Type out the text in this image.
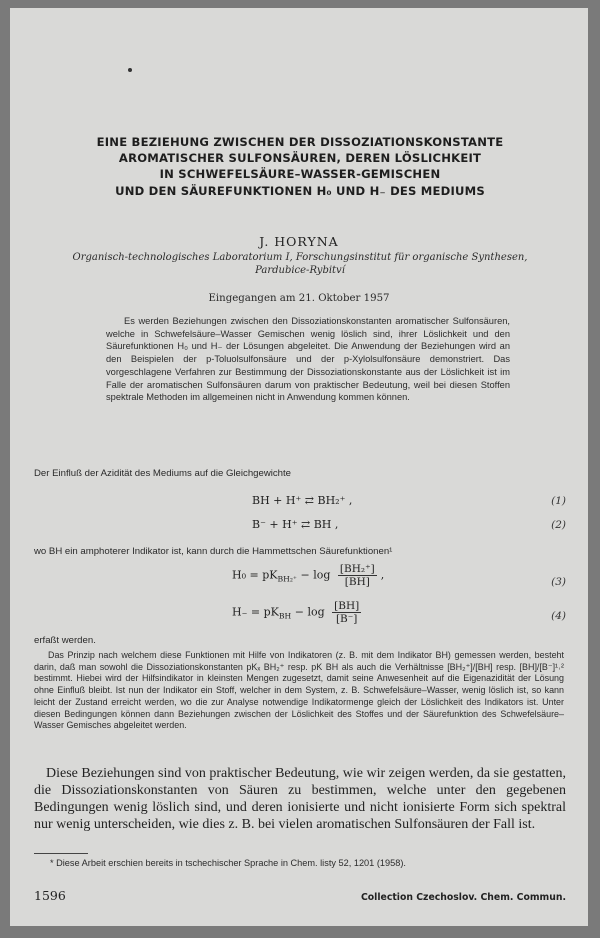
EINE BEZIEHUNG ZWISCHEN DER DISSOZIATIONSKONSTANTE
AROMATISCHER SULFONSÄUREN, DEREN LÖSLICHKEIT
IN SCHWEFELSÄURE–WASSER-GEMISCHEN
UND DEN SÄUREFUNKTIONEN H₀ UND H₋ DES MEDIUMS
J. HORYNA
Organisch-technologisches Laboratorium I, Forschungsinstitut für organische Synthesen,
Pardubice-Rybitví
Eingegangen am 21. Oktober 1957
Es werden Beziehungen zwischen den Dissoziationskonstanten aromatischer Sulfonsäuren, welche in Schwefelsäure–Wasser Gemischen wenig löslich sind, ihrer Löslichkeit und den Säurefunktionen H₀ und H₋ der Lösungen abgeleitet. Die Anwendung der Beziehungen wird an den Beispielen der p-Toluolsulfonsäure und der p-Xylolsulfonsäure demonstriert. Das vorgeschlagene Verfahren zur Bestimmung der Dissoziationskonstante aus der Löslichkeit ist im Falle der aromatischen Sulfonsäuren darum von praktischer Bedeutung, weil bei diesen Stoffen spektrale Methoden im allgemeinen nicht in Anwendung kommen können.
Der Einfluß der Azidität des Mediums auf die Gleichgewichte
BH + H⁺ ⇄ BH₂⁺ ,	(1)
B⁻ + H⁺ ⇄ BH ,	(2)
wo BH ein amphoterer Indikator ist, kann durch die Hammettschen Säurefunktionen¹
$H_0 = pK_{BH_2^+} - \log \frac{\text{[BH₂⁺]}}{[BH]}$ ,
(3)
$H_- = pK_{BH} - \log \frac{[BH]}{[B^-]}$	(4)
erfaßt werden.
Das Prinzip nach welchem diese Funktionen mit Hilfe von Indikatoren (z. B. mit dem Indikator BH) gemessen werden, besteht darin, daß man sowohl die Dissoziationskonstanten pKₓ BH₂⁺ resp. pK BH als auch die Verhältnisse [BH₂⁺]/[BH] resp. [BH]/[B⁻]¹˒² bestimmt. Hiebei wird der Hilfsindikator in kleinsten Mengen zugesetzt, damit seine Anwesenheit auf die Eigenazidität der Lösung ohne Einfluß bleibt. Ist nun der Indikator ein Stoff, welcher in dem System, z. B. Schwefelsäure–Wasser, wenig löslich ist, so kann leicht der Zustand erreicht werden, wo die zur Analyse notwendige Indikatormenge gleich der Löslichkeit des Indikators ist. Unter diesen Bedingungen können dann Beziehungen zwischen der Löslichkeit des Stoffes und der Säurefunktion des Schwefelsäure–Wasser Gemisches abgeleitet werden.
Diese Beziehungen sind von praktischer Bedeutung, wie wir zeigen werden, da sie gestatten, die Dissoziationskonstanten von Säuren zu bestimmen, welche unter den gegebenen Bedingungen wenig löslich sind, und deren ionisierte und nicht ionisierte Form sich spektral nur wenig unterscheiden, wie dies z. B. bei vielen aromatischen Sulfonsäuren der Fall ist.
* Diese Arbeit erschien bereits in tschechischer Sprache in Chem. listy 52, 1201 (1958).
1596	Collection Czechoslov. Chem. Commun.
